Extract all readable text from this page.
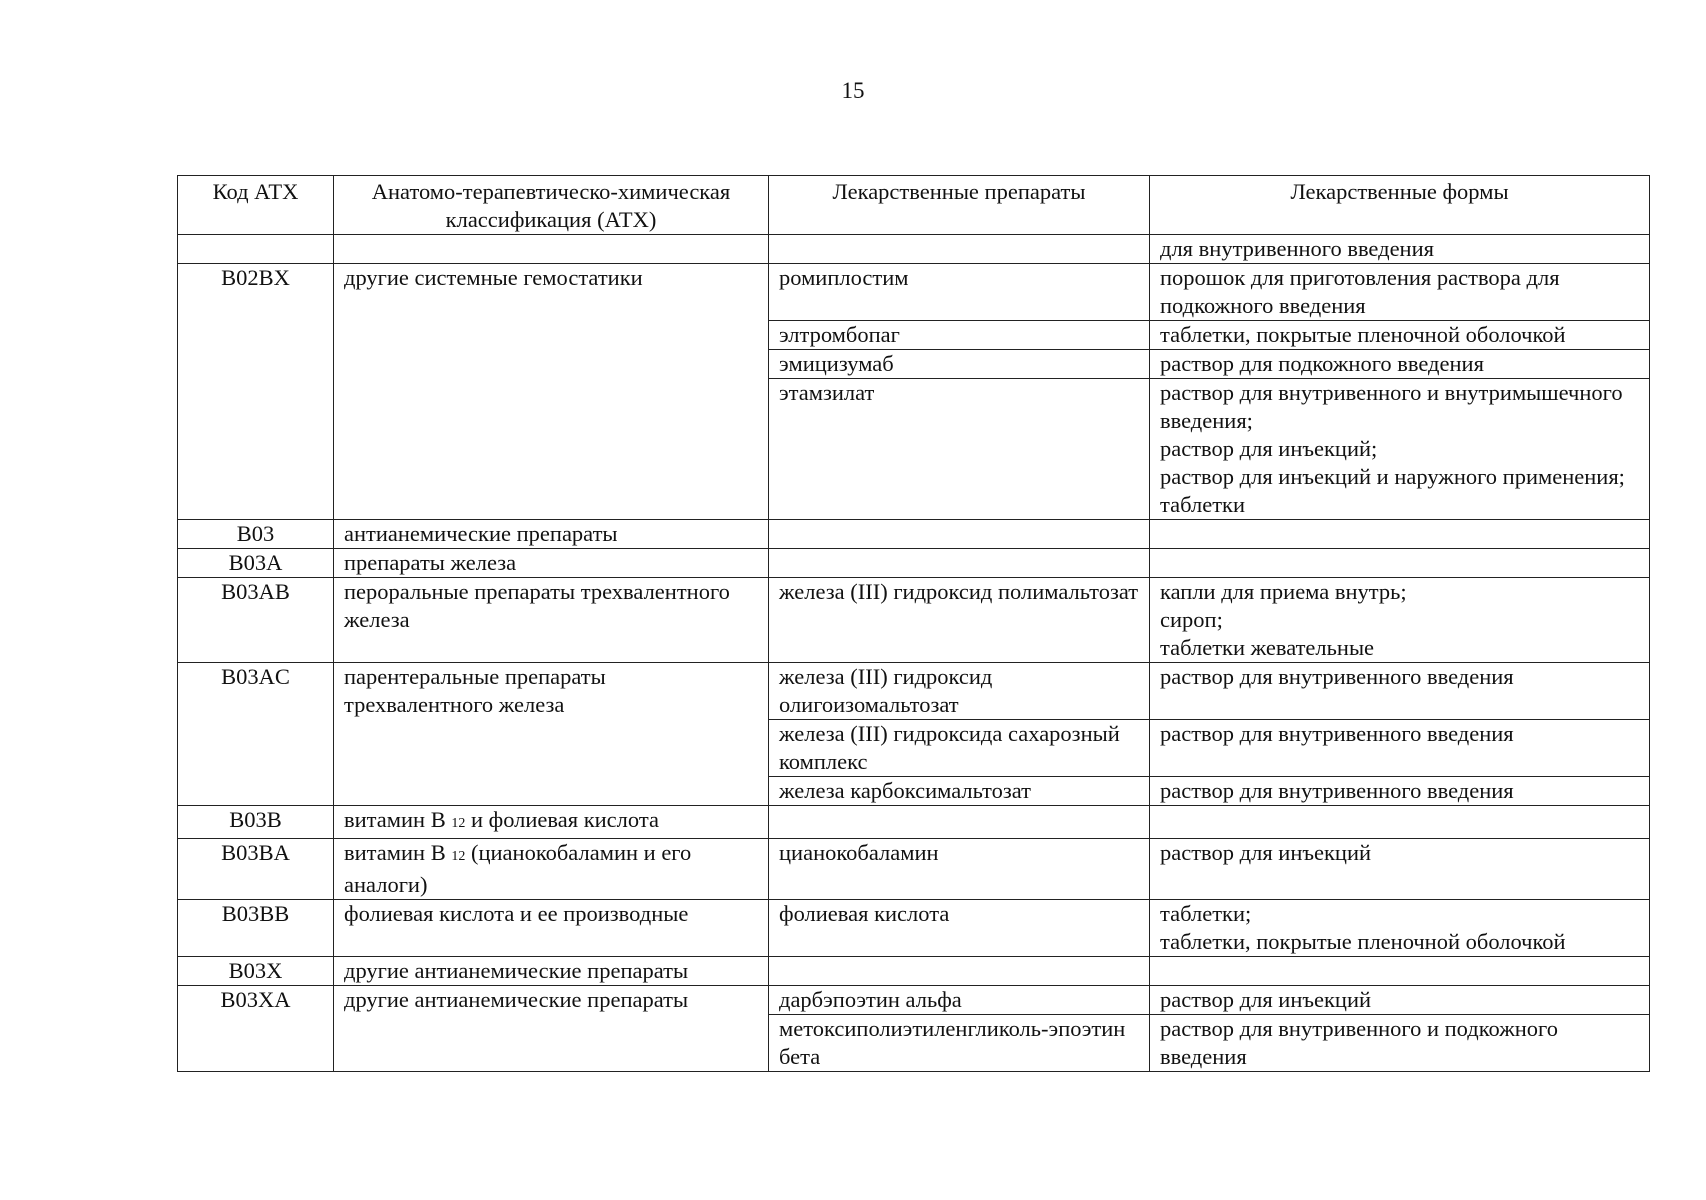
15
Код АТХ	Анатомо-терапевтическо-химическая классификация (АТХ)	Лекарственные препараты	Лекарственные формы

			для внутривенного введения

B02BX	другие системные гемостатики	ромиплостим	порошок для приготовления раствора для подкожного введения

		элтромбопаг	таблетки, покрытые пленочной оболочкой

		эмицизумаб	раствор для подкожного введения

		этамзилат	раствор для внутривенного и внутримышечного введения;
раствор для инъекций;
раствор для инъекций и наружного применения;
таблетки

B03	антианемические препараты		
B03A	препараты железа		
B03AB	пероральные препараты трехвалентного железа	железа (III) гидроксид полимальтозат	капли для приема внутрь;
сироп;
таблетки жевательные

B03AC	парентеральные препараты трехвалентного железа	железа (III) гидроксид олигоизомальтозат	раствор для внутривенного введения

		железа (III) гидроксида сахарозный комплекс	раствор для внутривенного введения

		железа карбоксимальтозат	раствор для внутривенного введения

B03B	витамин В 12 и фолиевая кислота		
B03BA	витамин В 12 (цианокобаламин и его аналоги)	цианокобаламин	раствор для инъекций

B03BB	фолиевая кислота и ее производные	фолиевая кислота	таблетки;
таблетки, покрытые пленочной оболочкой

B03X	другие антианемические препараты		
B03XA	другие антианемические препараты	дарбэпоэтин альфа	раствор для инъекций

		метоксиполиэтиленгликоль-эпоэтин бета	раствор для внутривенного и подкожного введения
